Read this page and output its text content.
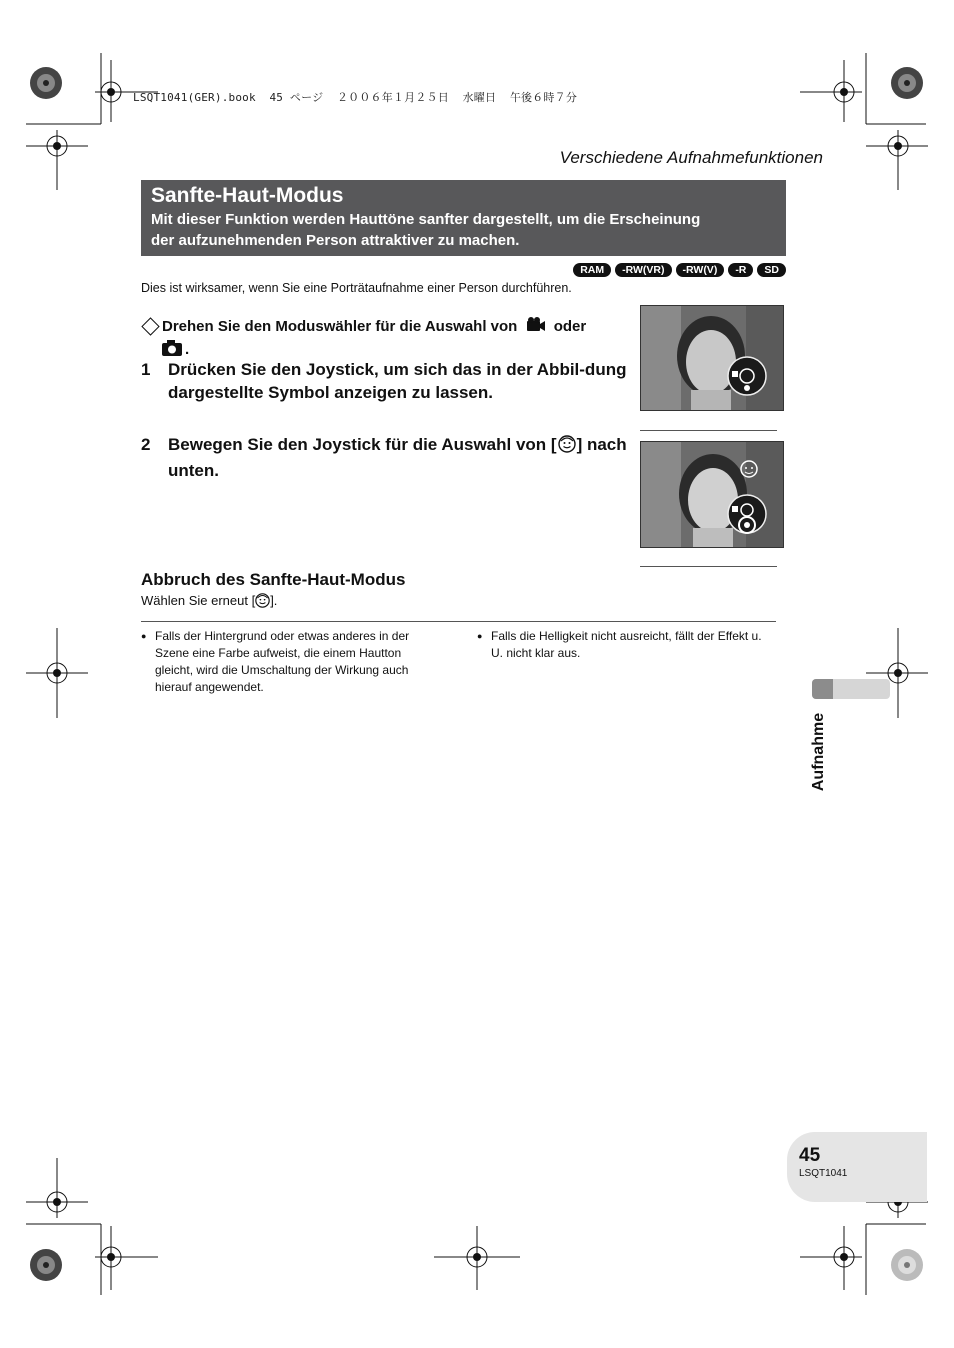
LSQT1041(GER).book  45 ページ  ２００６年１月２５日  水曜日  午後６時７分
Verschiedene Aufnahmefunktionen
Sanfte-Haut-Modus
Mit dieser Funktion werden Hauttöne sanfter dargestellt, um die Erscheinung
der aufzunehmenden Person attraktiver zu machen.
RAM	-RW(VR)	-RW(V)	-R	SD
Dies ist wirksamer, wenn Sie eine Porträtaufnahme einer Person durchführen.
Drehen Sie den Moduswähler für die Auswahl von oder
.
1 Drücken Sie den Joystick, um sich das in der Abbil-dung dargestellte Symbol anzeigen zu lassen.
2 Bewegen Sie den Joystick für die Auswahl von [ ] nach unten.
Abbruch des Sanfte-Haut-Modus
Wählen Sie erneut [ ].
● Falls der Hintergrund oder etwas anderes in der Szene eine Farbe aufweist, die einem Hautton gleicht, wird die Umschaltung der Wirkung auch hierauf angewendet.
● Falls die Helligkeit nicht ausreicht, fällt der Effekt u. U. nicht klar aus.
Aufnahme
45
LSQT1041
